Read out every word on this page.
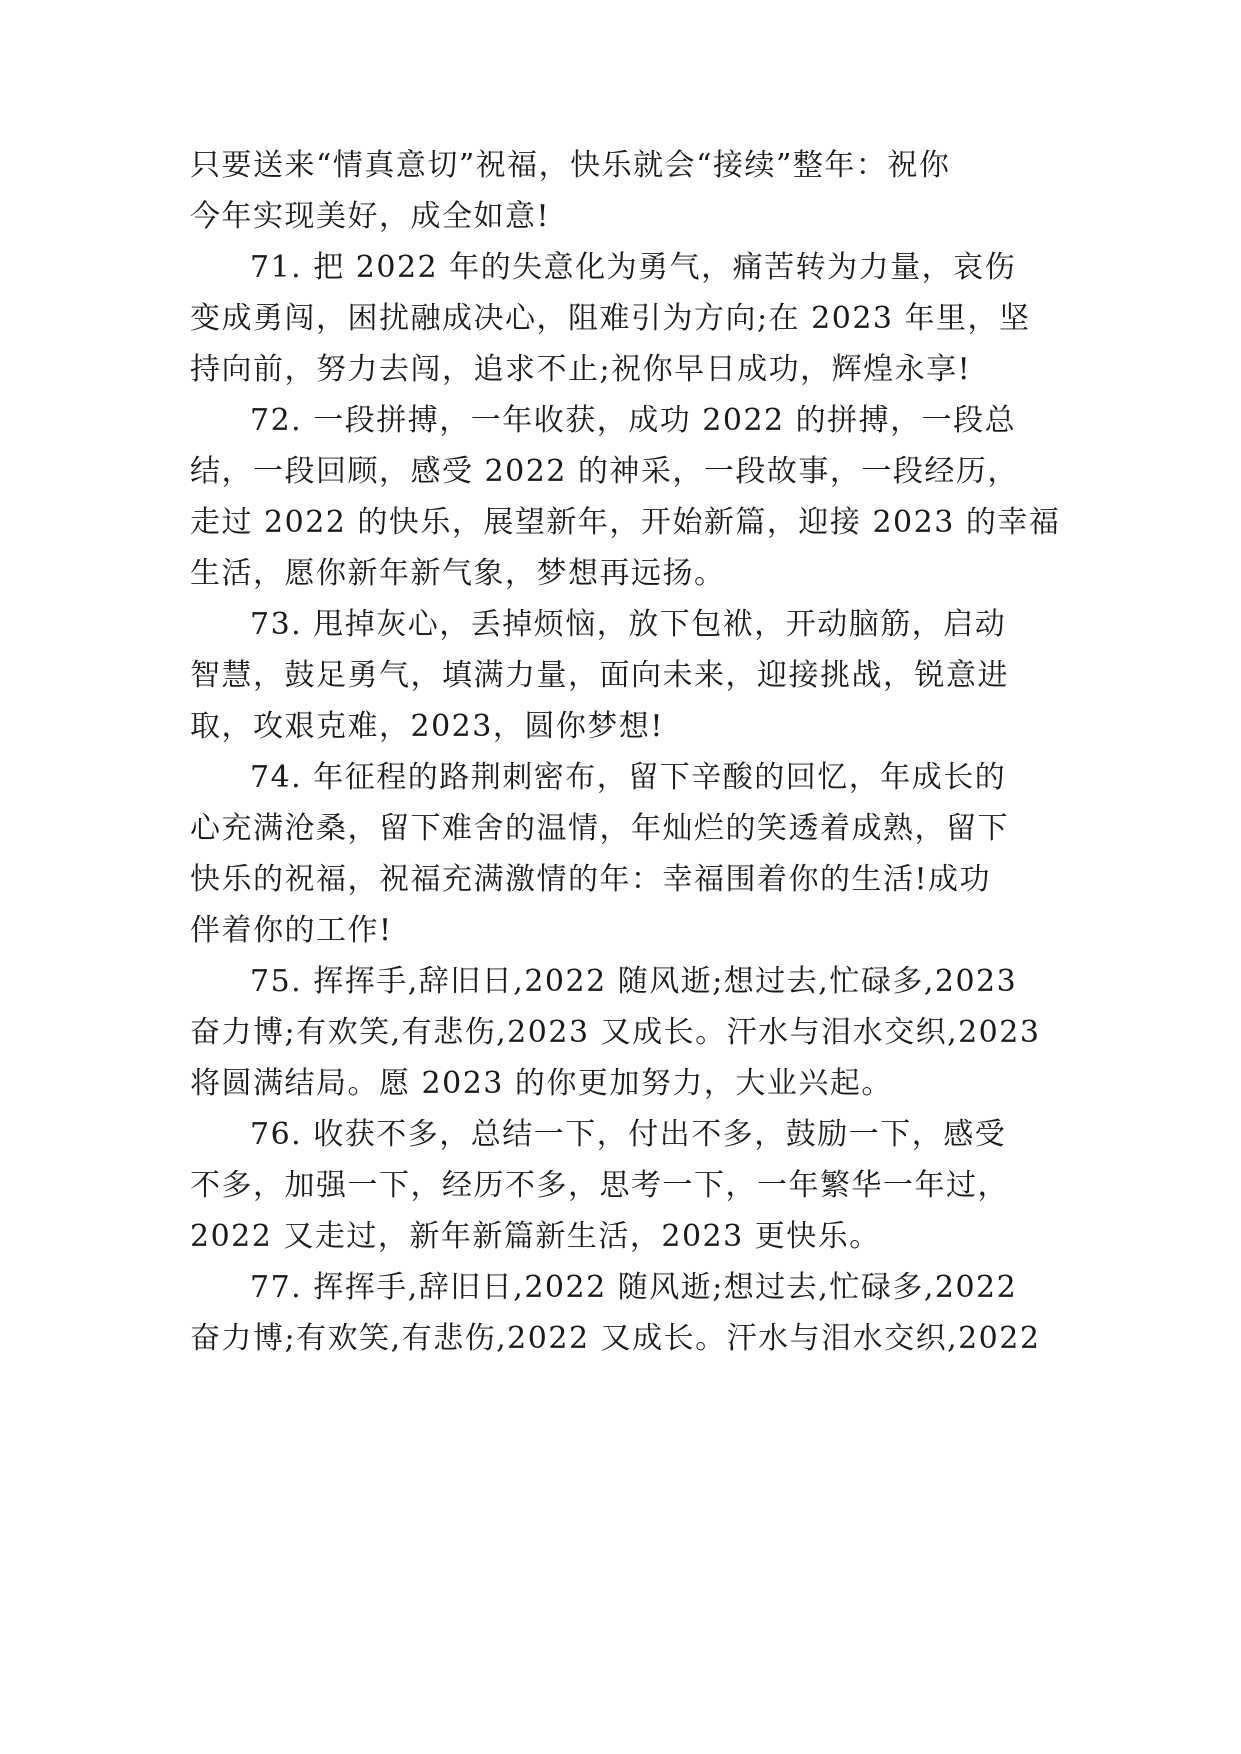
只要送来“情真意切”祝福，快乐就会“接续”整年：祝你
今年实现美好，成全如意!
71. 把 2022 年的失意化为勇气，痛苦转为力量，哀伤
变成勇闯，困扰融成决心，阻难引为方向;在 2023 年里，坚
持向前，努力去闯，追求不止;祝你早日成功，辉煌永享!
72. 一段拼搏，一年收获，成功 2022 的拼搏，一段总
结，一段回顾，感受 2022 的神采，一段故事，一段经历，
走过 2022 的快乐，展望新年，开始新篇，迎接 2023 的幸福
生活，愿你新年新气象，梦想再远扬。
73. 甩掉灰心，丢掉烦恼，放下包袱，开动脑筋，启动
智慧，鼓足勇气，填满力量，面向未来，迎接挑战，锐意进
取，攻艰克难，2023，圆你梦想!
74. 年征程的路荆刺密布，留下辛酸的回忆，年成长的
心充满沧桑，留下难舍的温情，年灿烂的笑透着成熟，留下
快乐的祝福，祝福充满激情的年：幸福围着你的生活!成功
伴着你的工作!
75. 挥挥手,辞旧日,2022 随风逝;想过去,忙碌多,2023
奋力博;有欢笑,有悲伤,2023 又成长。汗水与泪水交织,2023
将圆满结局。愿 2023 的你更加努力，大业兴起。
76. 收获不多，总结一下，付出不多，鼓励一下，感受
不多，加强一下，经历不多，思考一下，一年繁华一年过，
2022 又走过，新年新篇新生活，2023 更快乐。
77. 挥挥手,辞旧日,2022 随风逝;想过去,忙碌多,2022
奋力博;有欢笑,有悲伤,2022 又成长。汗水与泪水交织,2022
